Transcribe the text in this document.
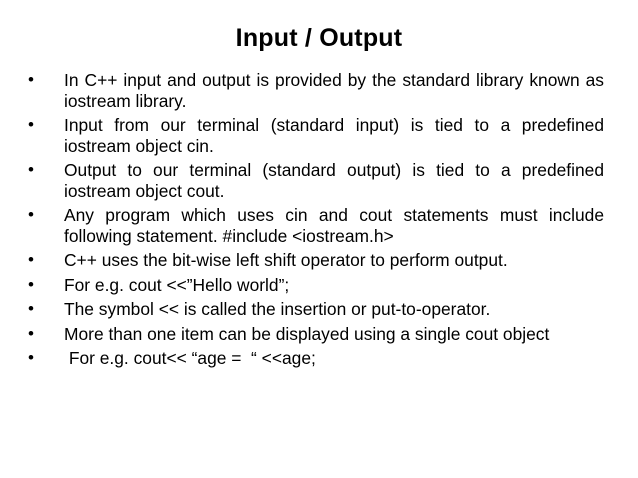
Input / Output
•	In C++ input and output is provided by the standard library known as iostream library.
•	Input from our terminal (standard input) is tied to a predefined iostream object cin.
•	Output to our terminal (standard output) is tied to a predefined iostream object cout.
•	Any program which uses cin and cout statements must include following statement. #include <iostream.h>
•	C++ uses the bit-wise left shift operator to perform output.
•	For e.g. cout <<”Hello world”;
•	The symbol << is called the insertion or put-to-operator.
•	More than one item can be displayed using a single cout object
•	For e.g. cout<< “age =  “ <<age;
